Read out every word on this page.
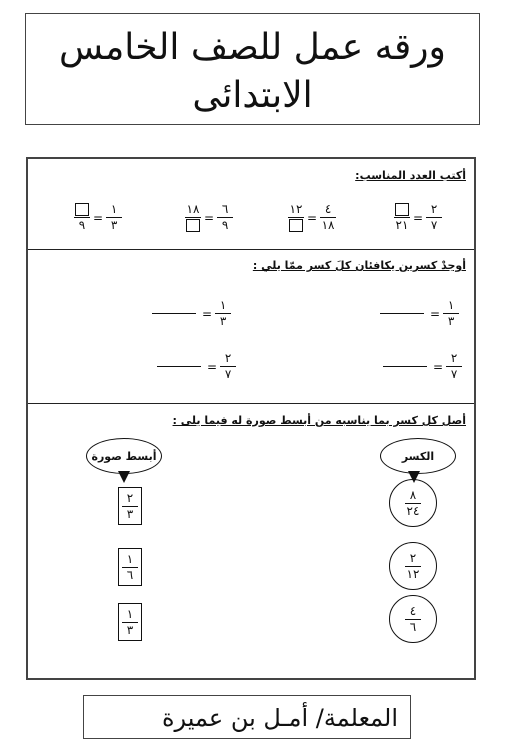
ورقه عمل للصف الخامس
الابتدائى
أكتب العدد المناسب:
٢١
= $\frac{٢}{٧}$
١٢
= $\frac{٤}{١٨}$
١٨
= $\frac{٦}{٩}$
٩
= $\frac{١}{٣}$
أوجدْ كسرين يكافئان كلَ كسر ممّا يلي :
= $\frac{١}{٣}$
= $\frac{١}{٣}$
= $\frac{٢}{٧}$
= $\frac{٢}{٧}$
أصل كل كسر بما يناسبه من أبسط صورة له فيما يلى :
الكسر
أبسط صورة
$\frac{٨}{٢٤}$
$\frac{٢}{١٢}$
$\frac{٤}{٦}$
$\frac{٢}{٣}$
$\frac{١}{٦}$
$\frac{١}{٣}$
المعلمة/ أمـل بن عميرة
